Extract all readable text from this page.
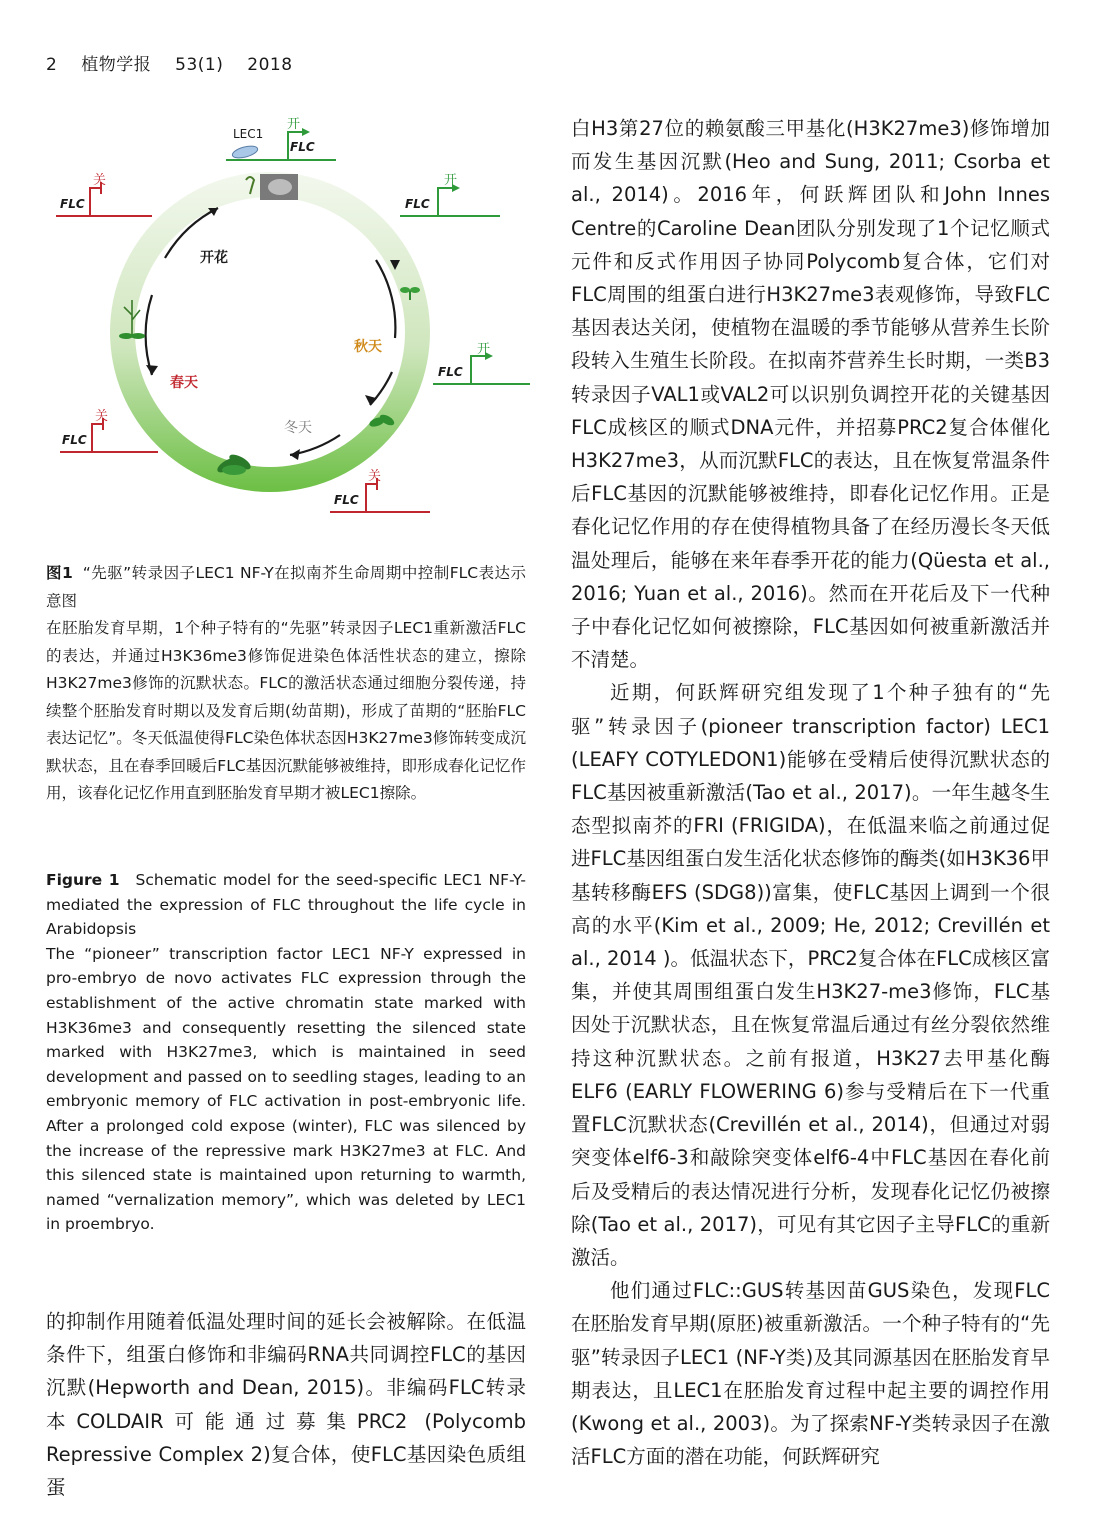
2 植物学报 53(1) 2018
开花
秋天
冬天
春天
LEC1
开
FLC
开
FLC
开
FLC
关
FLC
关
FLC
关
FLC
图1 “先驱”转录因子LEC1 NF-Y在拟南芥生命周期中控制FLC表达示意图
在胚胎发育早期，1个种子特有的“先驱”转录因子LEC1重新激活FLC的表达，并通过H3K36me3修饰促进染色体活性状态的建立，擦除H3K27me3修饰的沉默状态。FLC的激活状态通过细胞分裂传递，持续整个胚胎发育时期以及发育后期(幼苗期)，形成了苗期的“胚胎FLC表达记忆”。冬天低温使得FLC染色体状态因H3K27me3修饰转变成沉默状态，且在春季回暖后FLC基因沉默能够被维持，即形成春化记忆作用，该春化记忆作用直到胚胎发育早期才被LEC1擦除。
Figure 1 Schematic model for the seed-specific LEC1 NF-Y-mediated the expression of FLC throughout the life cycle in Arabidopsis
The “pioneer” transcription factor LEC1 NF-Y expressed in pro-embryo de novo activates FLC expression through the establishment of the active chromatin state marked with H3K36me3 and consequently resetting the silenced state marked with H3K27me3, which is maintained in seed development and passed on to seedling stages, leading to an embryonic memory of FLC activation in post-embryonic life. After a prolonged cold expose (winter), FLC was silenced by the increase of the repressive mark H3K27me3 at FLC. And this silenced state is maintained upon returning to warmth, named “vernalization memory”, which was deleted by LEC1 in proembryo.
的抑制作用随着低温处理时间的延长会被解除。在低温条件下，组蛋白修饰和非编码RNA共同调控FLC的基因沉默(Hepworth and Dean, 2015)。非编码FLC转录本COLDAIR可能通过募集PRC2 (Polycomb Repressive Complex 2)复合体，使FLC基因染色质组蛋

白H3第27位的赖氨酸三甲基化(H3K27me3)修饰增加而发生基因沉默(Heo and Sung, 2011; Csorba et al., 2014)。2016年，何跃辉团队和John Innes Centre的Caroline Dean团队分别发现了1个记忆顺式元件和反式作用因子协同Polycomb复合体，它们对FLC周围的组蛋白进行H3K27me3表观修饰，导致FLC基因表达关闭，使植物在温暖的季节能够从营养生长阶段转入生殖生长阶段。在拟南芥营养生长时期，一类B3转录因子VAL1或VAL2可以识别负调控开花的关键基因FLC成核区的顺式DNA元件，并招募PRC2复合体催化H3K27me3，从而沉默FLC的表达，且在恢复常温条件后FLC基因的沉默能够被维持，即春化记忆作用。正是春化记忆作用的存在使得植物具备了在经历漫长冬天低温处理后，能够在来年春季开花的能力(Qüesta et al., 2016; Yuan et al., 2016)。然而在开花后及下一代种子中春化记忆如何被擦除，FLC基因如何被重新激活并不清楚。

近期，何跃辉研究组发现了1个种子独有的“先驱”转录因子(pioneer transcription factor) LEC1 (LEAFY COTYLEDON1)能够在受精后使得沉默状态的FLC基因被重新激活(Tao et al., 2017)。一年生越冬生态型拟南芥的FRI (FRIGIDA)，在低温来临之前通过促进FLC基因组蛋白发生活化状态修饰的酶类(如H3K36甲基转移酶EFS (SDG8))富集，使FLC基因上调到一个很高的水平(Kim et al., 2009; He, 2012; Crevillén et al., 2014 )。低温状态下，PRC2复合体在FLC成核区富集，并使其周围组蛋白发生H3K27-me3修饰，FLC基因处于沉默状态，且在恢复常温后通过有丝分裂依然维持这种沉默状态。之前有报道，H3K27去甲基化酶ELF6 (EARLY FLOWERING 6)参与受精后在下一代重置FLC沉默状态(Crevillén et al., 2014)，但通过对弱突变体elf6-3和敲除突变体elf6-4中FLC基因在春化前后及受精后的表达情况进行分析，发现春化记忆仍被擦除(Tao et al., 2017)，可见有其它因子主导FLC的重新激活。

他们通过FLC::GUS转基因苗GUS染色，发现FLC在胚胎发育早期(原胚)被重新激活。一个种子特有的“先驱”转录因子LEC1 (NF-Y类)及其同源基因在胚胎发育早期表达，且LEC1在胚胎发育过程中起主要的调控作用(Kwong et al., 2003)。为了探索NF-Y类转录因子在激活FLC方面的潜在功能，何跃辉研究
